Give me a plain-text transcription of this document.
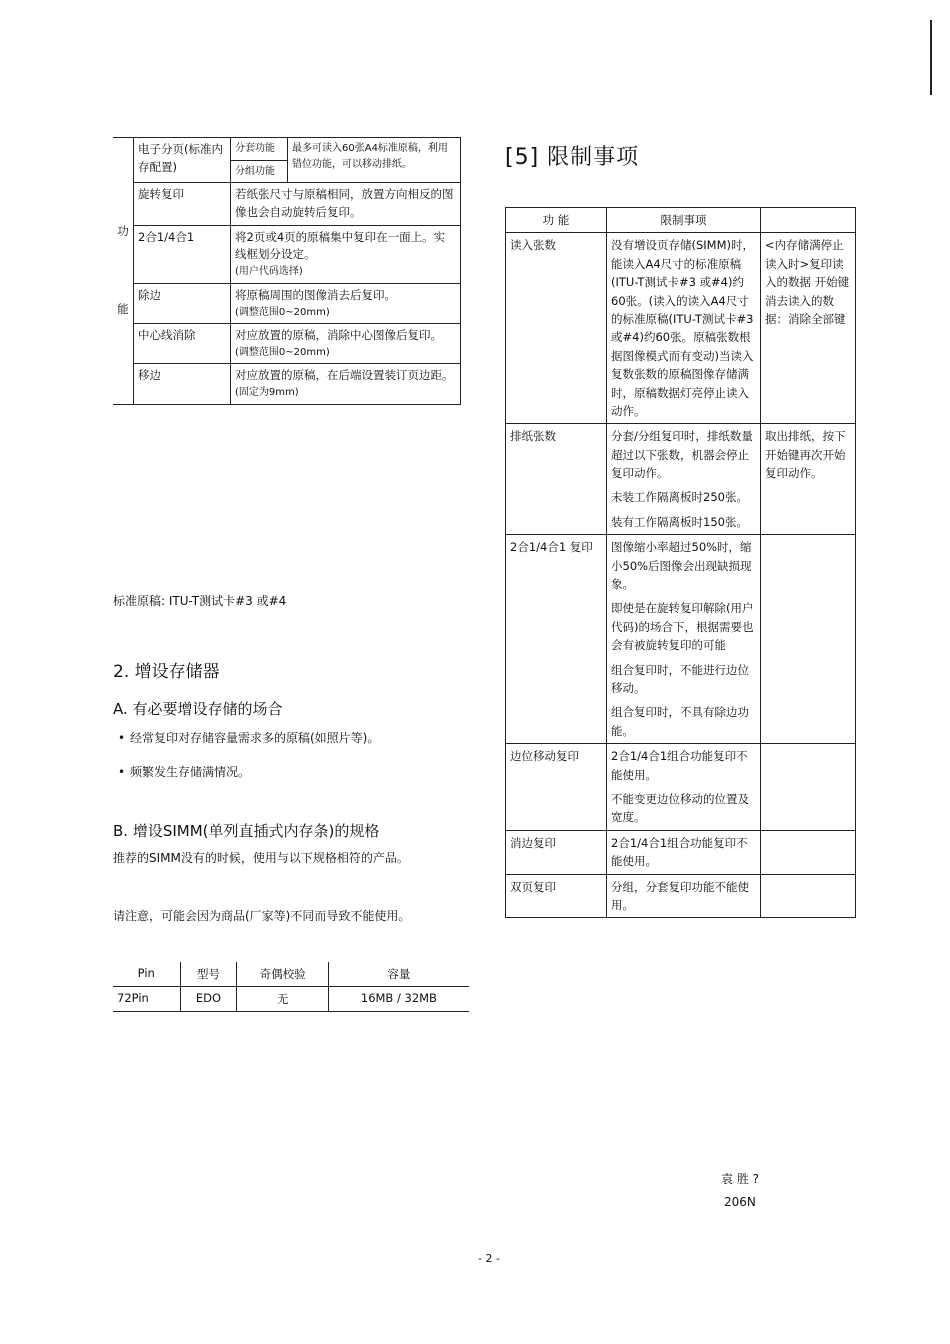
功
能	电子分页(标准内存配置)	分套功能	最多可读入60张A4标准原稿，利用错位功能，可以移动排纸。
		分组功能	
	旋转复印	若纸张尺寸与原稿相同，放置方向相反的图像也会自动旋转后复印。	
	2合1/4合1	将2页或4页的原稿集中复印在一面上。实线框划分设定。
(用户代码选择)	

	除边	将原稿周围的图像消去后复印。
(调整范围0~20mm)	

	中心线消除	对应放置的原稿，消除中心图像后复印。
(调整范围0~20mm)	

	移边	对应放置的原稿，在后端设置装订页边距。
(固定为9mm)	
标准原稿: ITU-T测试卡#3 或#4
2. 增设存储器
A. 有必要增设存储的场合
• 经常复印对存储容量需求多的原稿(如照片等)。
• 频繁发生存储满情况。
B. 增设SIMM(单列直插式内存条)的规格

推荐的SIMM没有的时候，使用与以下规格相符的产品。

请注意，可能会因为商品(厂家等)不同而导致不能使用。

Pin	型号	奇偶校验	容量
72Pin	EDO	无	16MB / 32MB
[5] 限制事项
功 能	限制事项	
读入张数	没有增设页存储(SIMM)时，能读入A4尺寸的标准原稿(ITU-T测试卡#3 或#4)约60张。(读入的读入A4尺寸的标准原稿(ITU-T测试卡#3 或#4)约60张。原稿张数根据图像模式而有变动)当读入复数张数的原稿图像存储满时，原稿数据灯亮停止读入动作。	<内存储满停止读入时>复印读入的数据 开始键 消去读入的数据：消除全部键
排纸张数	分套/分组复印时，排纸数量超过以下张数，机器会停止复印动作。
未装工作隔离板时250张。
装有工作隔离板时150张。	取出排纸，按下开始键再次开始复印动作。
2合1/4合1 复印	图像缩小率超过50%时，缩小50%后图像会出现缺损现象。
即使是在旋转复印解除(用户代码)的场合下，根据需要也会有被旋转复印的可能
组合复印时，不能进行边位移动。
组合复印时，不具有除边功能。	

边位移动复印	2合1/4合1组合功能复印不能使用。
不能变更边位移动的位置及宽度。	

消边复印	2合1/4合1组合功能复印不能使用。	

双页复印	分组，分套复印功能不能使用。	

袁 胜 ?
206N
- 2 -
